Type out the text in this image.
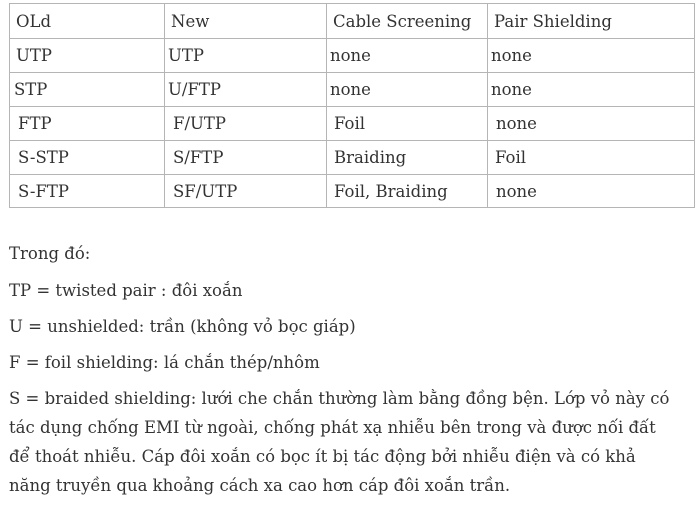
OLd	New	Cable Screening	Pair Shielding
UTP	UTP	none	none
STP	U/FTP	none	none
FTP	F/UTP	Foil	none
S-STP	S/FTP	Braiding	Foil
S-FTP	SF/UTP	Foil, Braiding	none

Trong đó:

TP = twisted pair : đôi xoắn

U = unshielded: trần (không vỏ bọc giáp)

F = foil shielding: lá chắn thép/nhôm

S = braided shielding: lưới che chắn thường làm bằng đồng bện. Lớp vỏ này có tác dụng chống EMI từ ngoài, chống phát xạ nhiễu bên trong và được nối đất để thoát nhiễu. Cáp đôi xoắn có bọc ít bị tác động bởi nhiễu điện và có khả năng truyền qua khoảng cách xa cao hơn cáp đôi xoắn trần.
